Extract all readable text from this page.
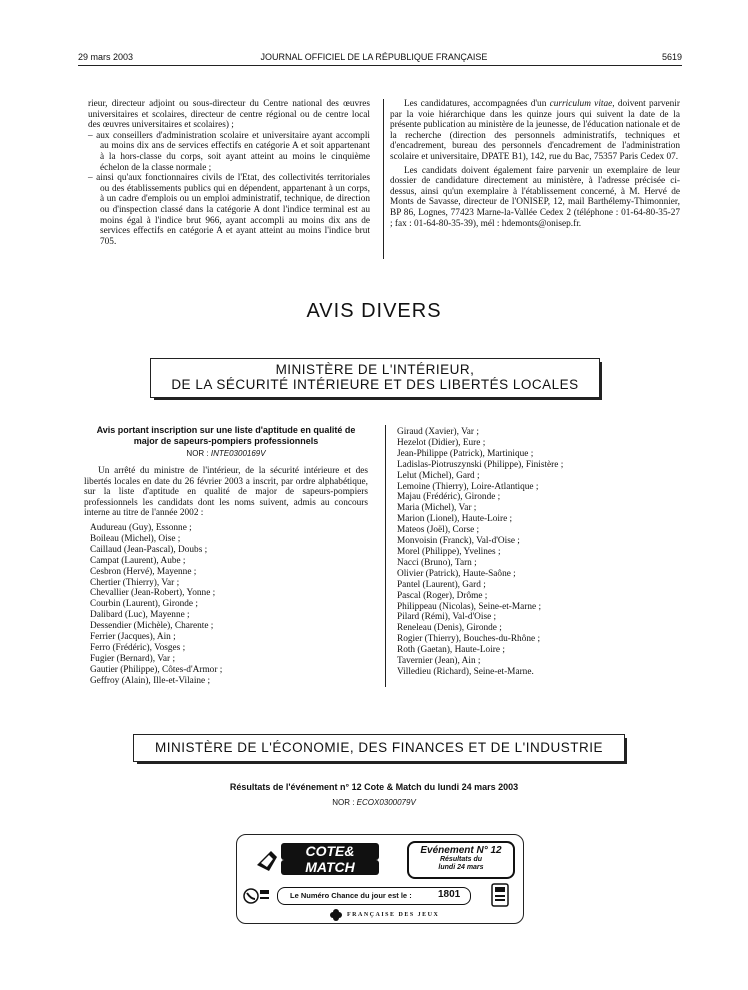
29 mars 2003	JOURNAL OFFICIEL DE LA RÉPUBLIQUE FRANÇAISE	5619

rieur, directeur adjoint ou sous-directeur du Centre national des œuvres universitaires et scolaires, directeur de centre régional ou de centre local des œuvres universitaires et scolaires) ;

– aux conseillers d'administration scolaire et universitaire ayant accompli au moins dix ans de services effectifs en catégorie A et soit appartenant à la hors-classe du corps, soit ayant atteint au moins le cinquième échelon de la classe normale ;

– ainsi qu'aux fonctionnaires civils de l'Etat, des collectivités territoriales ou des établissements publics qui en dépendent, appartenant à un corps, à un cadre d'emplois ou un emploi administratif, technique, de direction ou d'inspection classé dans la catégorie A dont l'indice terminal est au moins égal à l'indice brut 966, ayant accompli au moins dix ans de services effectifs en catégorie A et ayant atteint au moins l'indice brut 705.

Les candidatures, accompagnées d'un curriculum vitae, doivent parvenir par la voie hiérarchique dans les quinze jours qui suivent la date de la présente publication au ministère de la jeunesse, de l'éducation nationale et de la recherche (direction des personnels administratifs, techniques et d'encadrement, bureau des personnels d'encadrement de l'administration scolaire et universitaire, DPATE B1), 142, rue du Bac, 75357 Paris Cedex 07.

Les candidats doivent également faire parvenir un exemplaire de leur dossier de candidature directement au ministère, à l'adresse précisée ci-dessus, ainsi qu'un exemplaire à l'établissement concerné, à M. Hervé de Monts de Savasse, directeur de l'ONISEP, 12, mail Barthélemy-Thimonnier, BP 86, Lognes, 77423 Marne-la-Vallée Cedex 2 (téléphone : 01-64-80-35-27 ; fax : 01-64-80-35-39), mél : hdemonts@onisep.fr.

AVIS DIVERS
MINISTÈRE DE L'INTÉRIEUR,
DE LA SÉCURITÉ INTÉRIEURE ET DES LIBERTÉS LOCALES
Avis portant inscription sur une liste d'aptitude en qualité de major de sapeurs-pompiers professionnels
NOR : INTE0300169V
Un arrêté du ministre de l'intérieur, de la sécurité intérieure et des libertés locales en date du 26 février 2003 a inscrit, par ordre alphabétique, sur la liste d'aptitude en qualité de major de sapeurs-pompiers professionnels les candidats dont les noms suivent, admis au concours interne au titre de l'année 2002 :
Audureau (Guy), Essonne ;
Boileau (Michel), Oise ;
Caillaud (Jean-Pascal), Doubs ;
Campat (Laurent), Aube ;
Cesbron (Hervé), Mayenne ;
Chertier (Thierry), Var ;
Chevallier (Jean-Robert), Yonne ;
Courbin (Laurent), Gironde ;
Dalibard (Luc), Mayenne ;
Dessendier (Michèle), Charente ;
Ferrier (Jacques), Ain ;
Ferro (Frédéric), Vosges ;
Fugier (Bernard), Var ;
Gautier (Philippe), Côtes-d'Armor ;
Geffroy (Alain), Ille-et-Vilaine ;
Giraud (Xavier), Var ;
Hezelot (Didier), Eure ;
Jean-Philippe (Patrick), Martinique ;
Ladislas-Piotruszynski (Philippe), Finistère ;
Lelut (Michel), Gard ;
Lemoine (Thierry), Loire-Atlantique ;
Majau (Frédéric), Gironde ;
Maria (Michel), Var ;
Marion (Lionel), Haute-Loire ;
Mateos (Joël), Corse ;
Monvoisin (Franck), Val-d'Oise ;
Morel (Philippe), Yvelines ;
Nacci (Bruno), Tarn ;
Olivier (Patrick), Haute-Saône ;
Pantel (Laurent), Gard ;
Pascal (Roger), Drôme ;
Philippeau (Nicolas), Seine-et-Marne ;
Pilard (Rémi), Val-d'Oise ;
Reneleau (Denis), Gironde ;
Rogier (Thierry), Bouches-du-Rhône ;
Roth (Gaetan), Haute-Loire ;
Tavernier (Jean), Ain ;
Villedieu (Richard), Seine-et-Marne.
MINISTÈRE DE L'ÉCONOMIE, DES FINANCES ET DE L'INDUSTRIE
Résultats de l'événement n° 12 Cote & Match du lundi 24 mars 2003
NOR : ECOX0300079V
COTE&
MATCH
Evénement N° 12
Résultats du
lundi 24 mars
Le Numéro Chance du jour est le :	1801
FRANÇAISE DES JEUX
